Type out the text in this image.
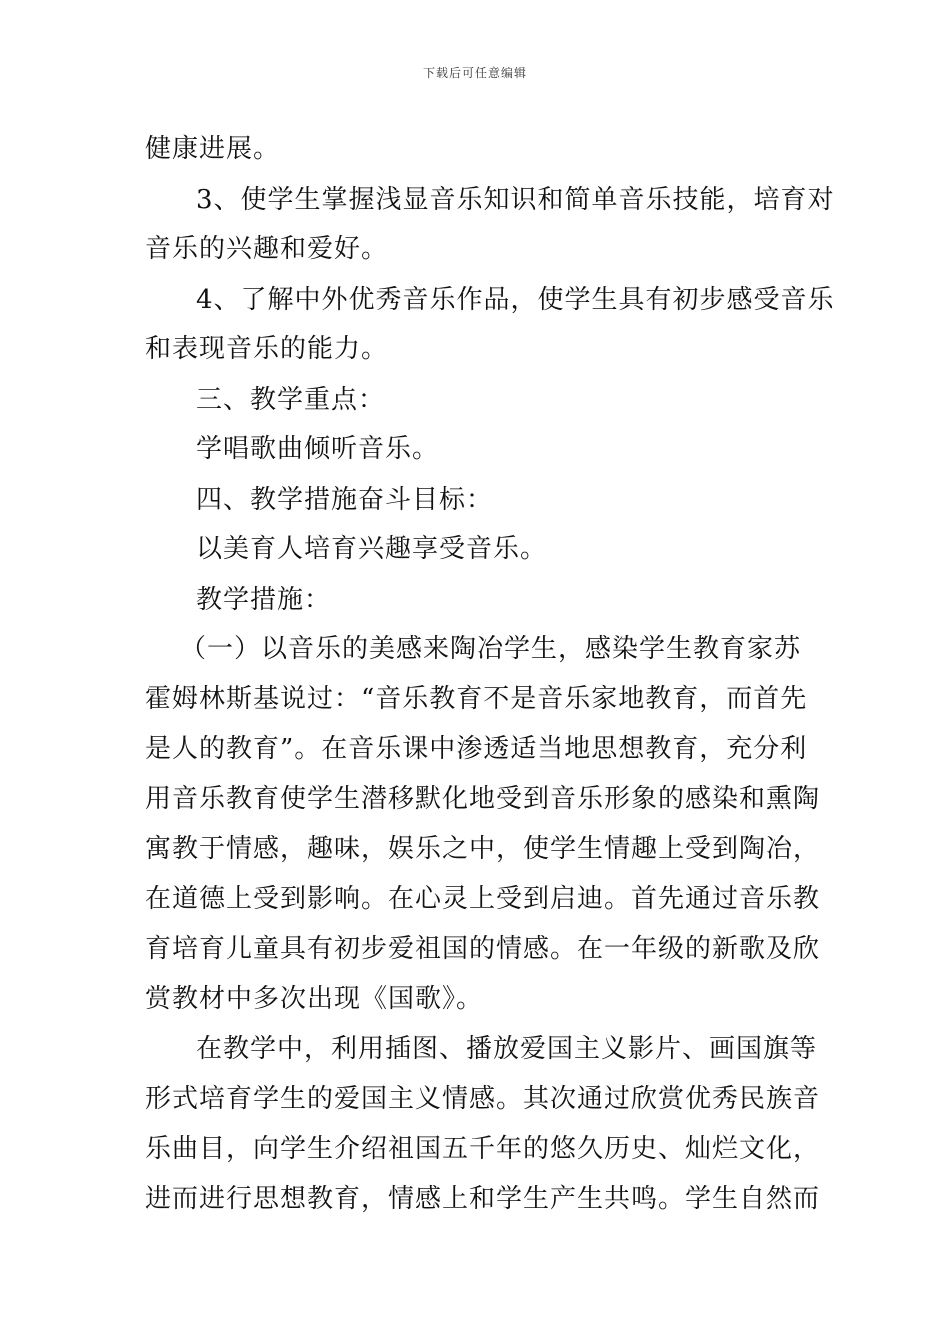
下载后可任意编辑
健康进展。
3、使学生掌握浅显音乐知识和简单音乐技能，培育对
音乐的兴趣和爱好。
4、了解中外优秀音乐作品，使学生具有初步感受音乐
和表现音乐的能力。
三、教学重点：
学唱歌曲倾听音乐。
四、教学措施奋斗目标：
以美育人培育兴趣享受音乐。
教学措施：
（一）以音乐的美感来陶冶学生，感染学生教育家苏
霍姆林斯基说过：“音乐教育不是音乐家地教育，而首先
是人的教育”。在音乐课中渗透适当地思想教育，充分利
用音乐教育使学生潜移默化地受到音乐形象的感染和熏陶
寓教于情感，趣味，娱乐之中，使学生情趣上受到陶冶，
在道德上受到影响。在心灵上受到启迪。首先通过音乐教
育培育儿童具有初步爱祖国的情感。在一年级的新歌及欣
赏教材中多次出现《国歌》。
在教学中，利用插图、播放爱国主义影片、画国旗等
形式培育学生的爱国主义情感。其次通过欣赏优秀民族音
乐曲目，向学生介绍祖国五千年的悠久历史、灿烂文化，
进而进行思想教育，情感上和学生产生共鸣。学生自然而
